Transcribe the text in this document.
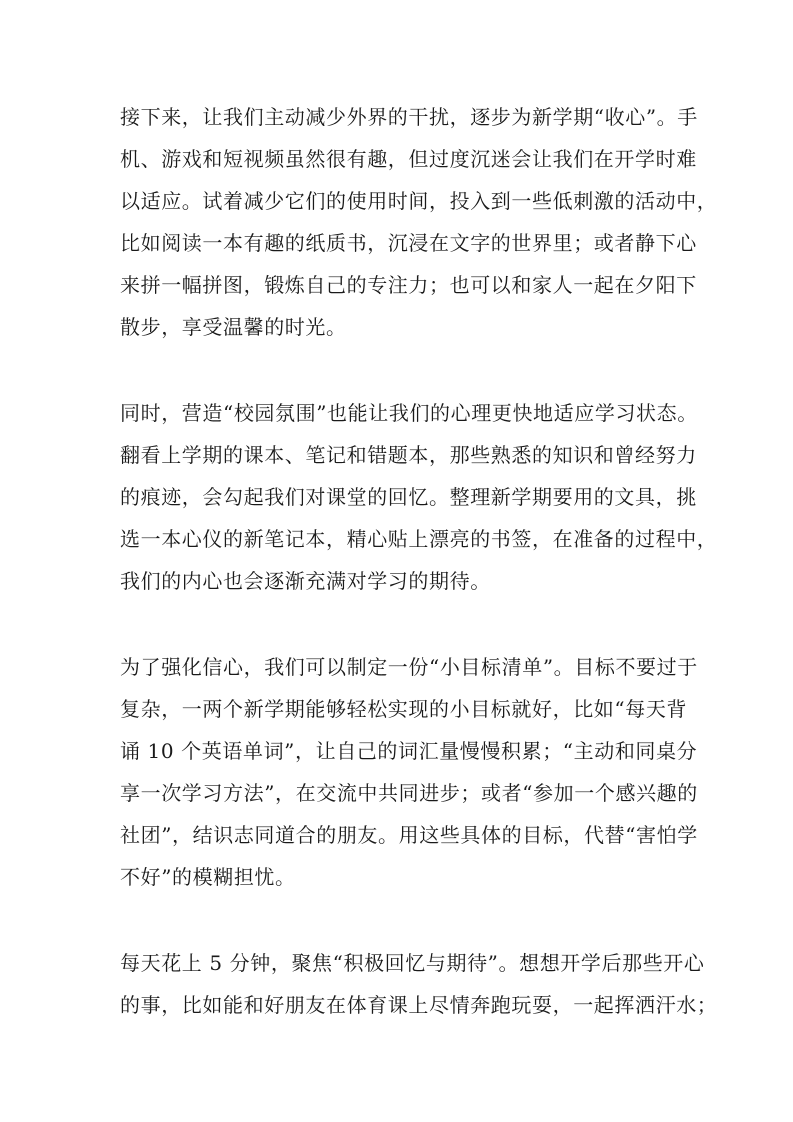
接下来，让我们主动减少外界的干扰，逐步为新学期“收心”。手
机、游戏和短视频虽然很有趣，但过度沉迷会让我们在开学时难
以适应。试着减少它们的使用时间，投入到一些低刺激的活动中，
比如阅读一本有趣的纸质书，沉浸在文字的世界里；或者静下心
来拼一幅拼图，锻炼自己的专注力；也可以和家人一起在夕阳下
散步，享受温馨的时光。
同时，营造“校园氛围”也能让我们的心理更快地适应学习状态。
翻看上学期的课本、笔记和错题本，那些熟悉的知识和曾经努力
的痕迹，会勾起我们对课堂的回忆。整理新学期要用的文具，挑
选一本心仪的新笔记本，精心贴上漂亮的书签，在准备的过程中，
我们的内心也会逐渐充满对学习的期待。
为了强化信心，我们可以制定一份“小目标清单”。目标不要过于
复杂，一两个新学期能够轻松实现的小目标就好，比如“每天背
诵 10 个英语单词”，让自己的词汇量慢慢积累；“主动和同桌分
享一次学习方法”，在交流中共同进步；或者“参加一个感兴趣的
社团”，结识志同道合的朋友。用这些具体的目标，代替“害怕学
不好”的模糊担忧。
每天花上 5 分钟，聚焦“积极回忆与期待”。想想开学后那些开心
的事，比如能和好朋友在体育课上尽情奔跑玩耍，一起挥洒汗水；
